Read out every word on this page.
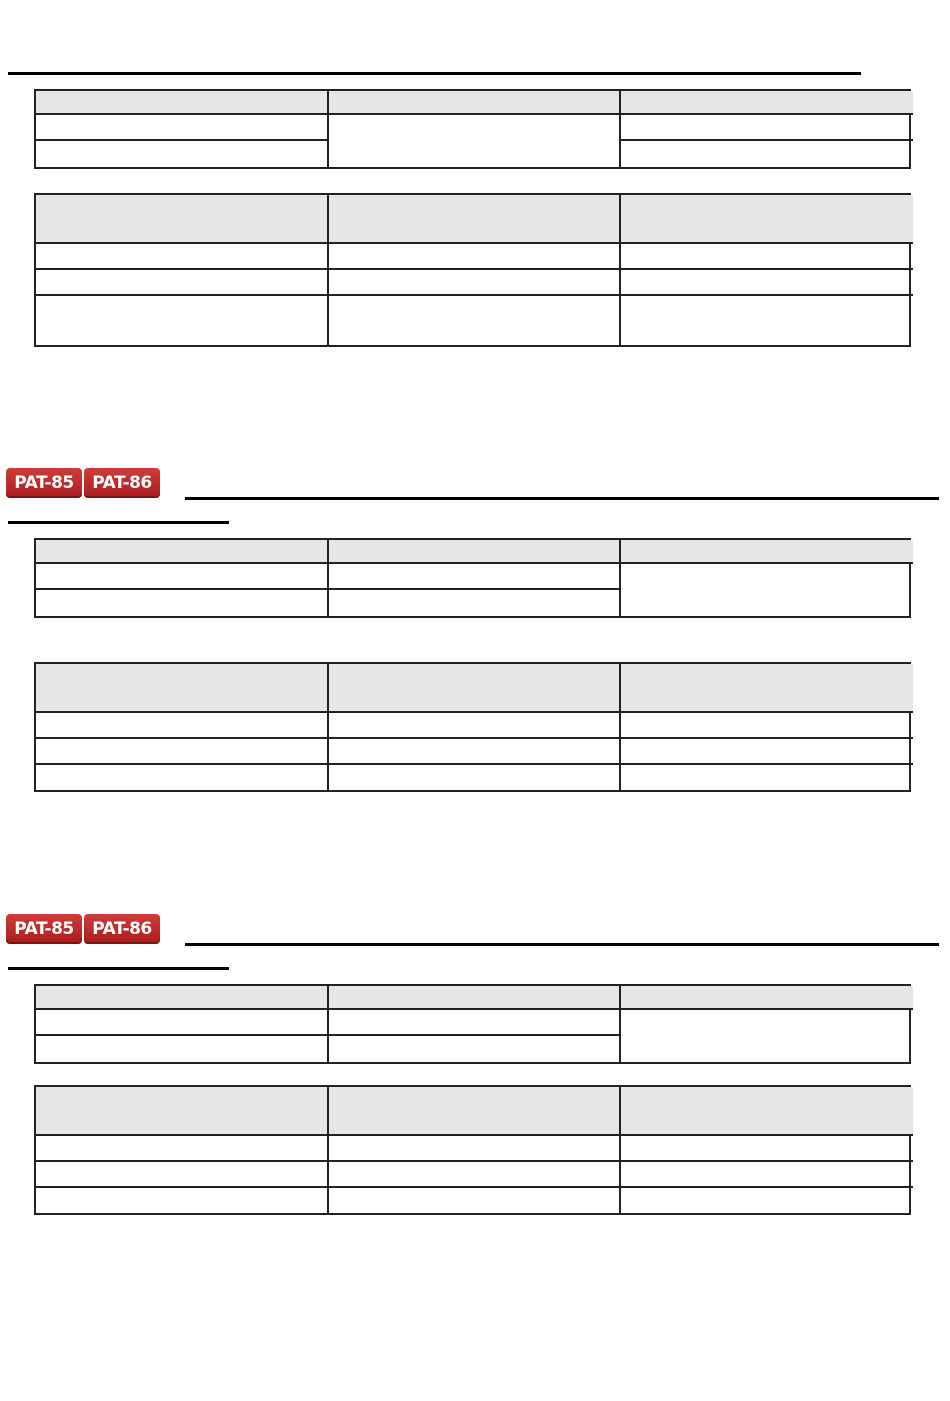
PAT-85	PAT-86
PAT-85	PAT-86
